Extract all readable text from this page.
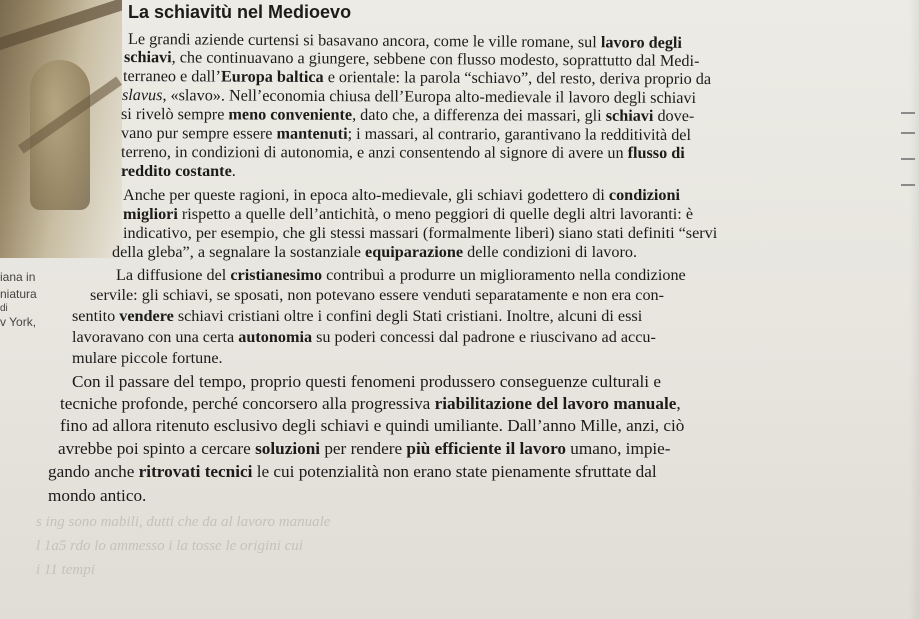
iana in
niatura
di
v York,
La schiavitù nel Medioevo
Le grandi aziende curtensi si basavano ancora, come le ville romane, sul lavoro degli
schiavi, che continuavano a giungere, sebbene con flusso modesto, soprattutto dal Medi-
terraneo e dall’Europa baltica e orientale: la parola “schiavo”, del resto, deriva proprio da
slavus, «slavo». Nell’economia chiusa dell’Europa alto-medievale il lavoro degli schiavi
si rivelò sempre meno conveniente, dato che, a differenza dei massari, gli schiavi dove-
vano pur sempre essere mantenuti; i massari, al contrario, garantivano la redditività del
terreno, in condizioni di autonomia, e anzi consentendo al signore di avere un flusso di
reddito costante.
Anche per queste ragioni, in epoca alto-medievale, gli schiavi godettero di condizioni
migliori rispetto a quelle dell’antichità, o meno peggiori di quelle degli altri lavoranti: è
indicativo, per esempio, che gli stessi massari (formalmente liberi) siano stati definiti “servi
della gleba”, a segnalare la sostanziale equiparazione delle condizioni di lavoro.
La diffusione del cristianesimo contribuì a produrre un miglioramento nella condizione
servile: gli schiavi, se sposati, non potevano essere venduti separatamente e non era con-
sentito vendere schiavi cristiani oltre i confini degli Stati cristiani. Inoltre, alcuni di essi
lavoravano con una certa autonomia su poderi concessi dal padrone e riuscivano ad accu-
mulare piccole fortune.
Con il passare del tempo, proprio questi fenomeni produssero conseguenze culturali e
tecniche profonde, perché concorsero alla progressiva riabilitazione del lavoro manuale,
fino ad allora ritenuto esclusivo degli schiavi e quindi umiliante. Dall’anno Mille, anzi, ciò
avrebbe poi spinto a cercare soluzioni per rendere più efficiente il lavoro umano, impie-
gando anche ritrovati tecnici le cui potenzialità non erano state pienamente sfruttate dal
mondo antico.
s ing sono mabili, dutti che da al lavoro manuale
l 1a5 rdo lo ammesso i la tosse le origini cui
i 11 tempi
